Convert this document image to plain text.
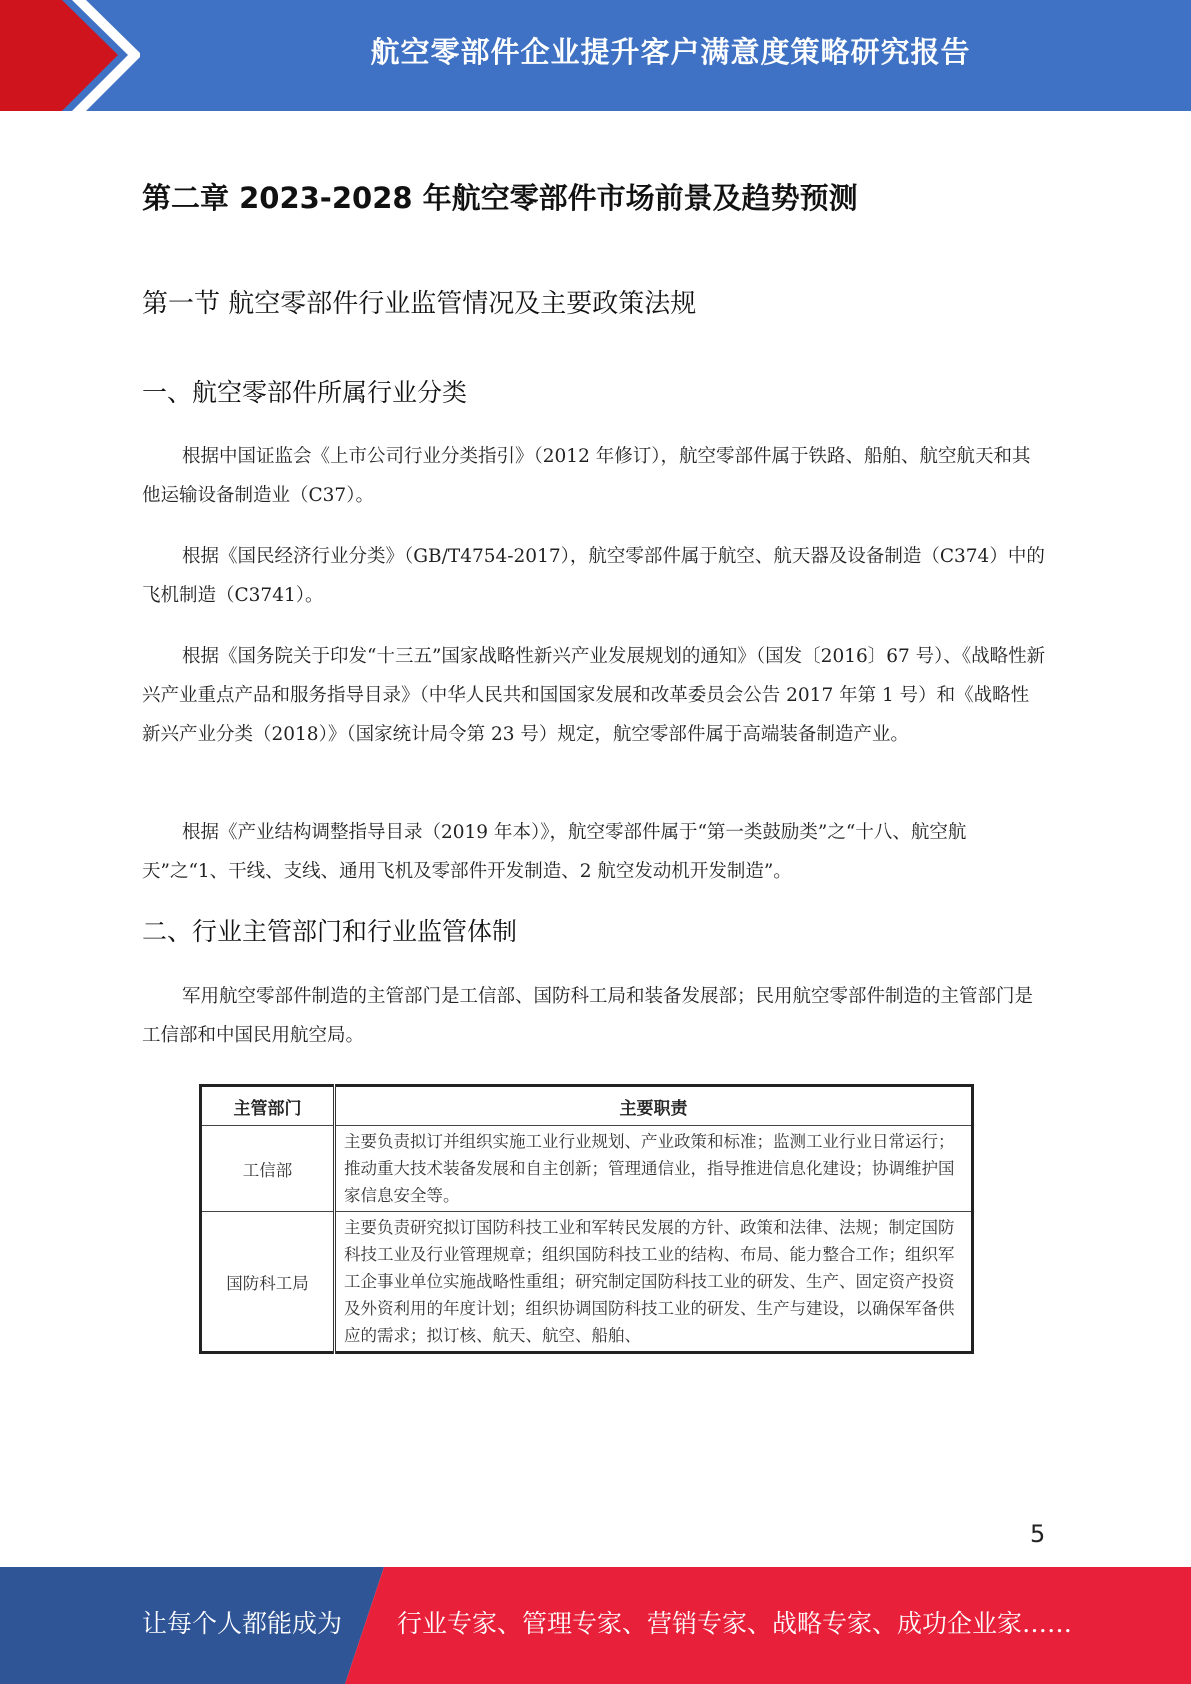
航空零部件企业提升客户满意度策略研究报告
第二章 2023-2028 年航空零部件市场前景及趋势预测
第一节 航空零部件行业监管情况及主要政策法规
一、航空零部件所属行业分类

根据中国证监会《上市公司行业分类指引》（2012 年修订），航空零部件属于铁路、船舶、航空航天和其他运输设备制造业（C37）。

根据《国民经济行业分类》（GB/T4754-2017），航空零部件属于航空、航天器及设备制造（C374）中的飞机制造（C3741）。

根据《国务院关于印发“十三五”国家战略性新兴产业发展规划的通知》（国发〔2016〕67 号）、《战略性新兴产业重点产品和服务指导目录》（中华人民共和国国家发展和改革委员会公告 2017 年第 1 号）和《战略性新兴产业分类（2018）》（国家统计局令第 23 号）规定，航空零部件属于高端装备制造产业。

根据《产业结构调整指导目录（2019 年本）》，航空零部件属于“第一类鼓励类”之“十八、航空航天”之“1、干线、支线、通用飞机及零部件开发制造、2 航空发动机开发制造”。

二、行业主管部门和行业监管体制

军用航空零部件制造的主管部门是工信部、国防科工局和装备发展部；民用航空零部件制造的主管部门是工信部和中国民用航空局。

主管部门	主要职责
工信部	主要负责拟订并组织实施工业行业规划、产业政策和标准；监测工业行业日常运行；推动重大技术装备发展和自主创新；管理通信业，指导推进信息化建设；协调维护国家信息安全等。
国防科工局	主要负责研究拟订国防科技工业和军转民发展的方针、政策和法律、法规；制定国防科技工业及行业管理规章；组织国防科技工业的结构、布局、能力整合工作；组织军工企事业单位实施战略性重组；研究制定国防科技工业的研发、生产、固定资产投资及外资利用的年度计划；组织协调国防科技工业的研发、生产与建设，以确保军备供应的需求；拟订核、航天、航空、船舶、
5
让每个人都能成为 行业专家、管理专家、营销专家、战略专家、成功企业家……
